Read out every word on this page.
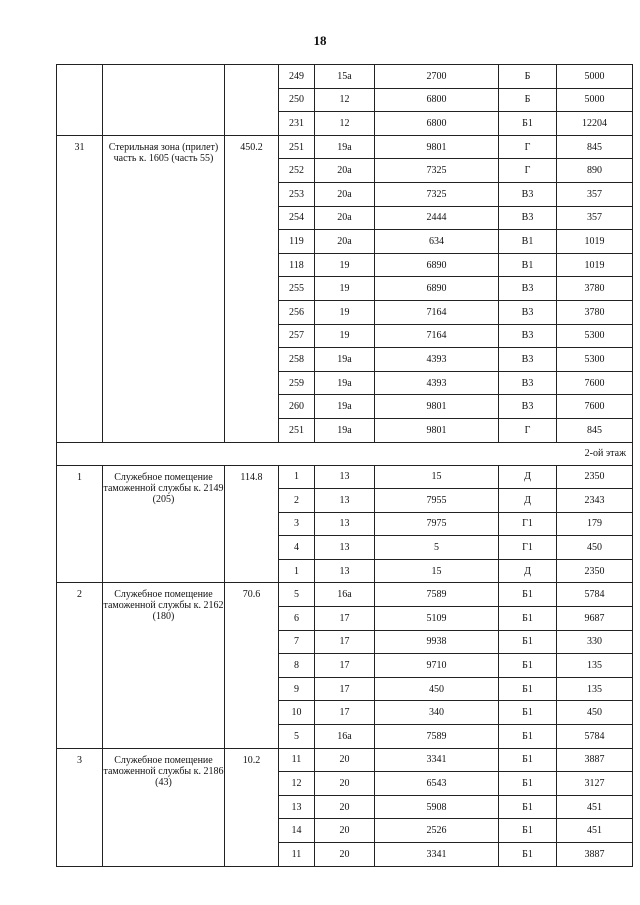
18
			249	15а	2700	Б	5000
			250	12	6800	Б	5000
			231	12	6800	Б1	12204
31	Стерильная зона (прилет) часть к. 1605 (часть 55)	450.2	251	19а	9801	Г	845
			252	20а	7325	Г	890
			253	20а	7325	В3	357
			254	20а	2444	В3	357
			119	20а	634	В1	1019
			118	19	6890	В1	1019
			255	19	6890	В3	3780
			256	19	7164	В3	3780
			257	19	7164	В3	5300
			258	19а	4393	В3	5300
			259	19а	4393	В3	7600
			260	19а	9801	В3	7600
			251	19а	9801	Г	845
2-ой этаж							
1	Служебное помещение таможенной службы к. 2149 (205)	114.8	1	13	15	Д	2350
			2	13	7955	Д	2343
			3	13	7975	Г1	179
			4	13	5	Г1	450
			1	13	15	Д	2350
2	Служебное помещение таможенной службы к. 2162 (180)	70.6	5	16а	7589	Б1	5784
			6	17	5109	Б1	9687
			7	17	9938	Б1	330
			8	17	9710	Б1	135
			9	17	450	Б1	135
			10	17	340	Б1	450
			5	16а	7589	Б1	5784
3	Служебное помещение таможенной службы к. 2186 (43)	10.2	11	20	3341	Б1	3887
			12	20	6543	Б1	3127
			13	20	5908	Б1	451
			14	20	2526	Б1	451
			11	20	3341	Б1	3887
